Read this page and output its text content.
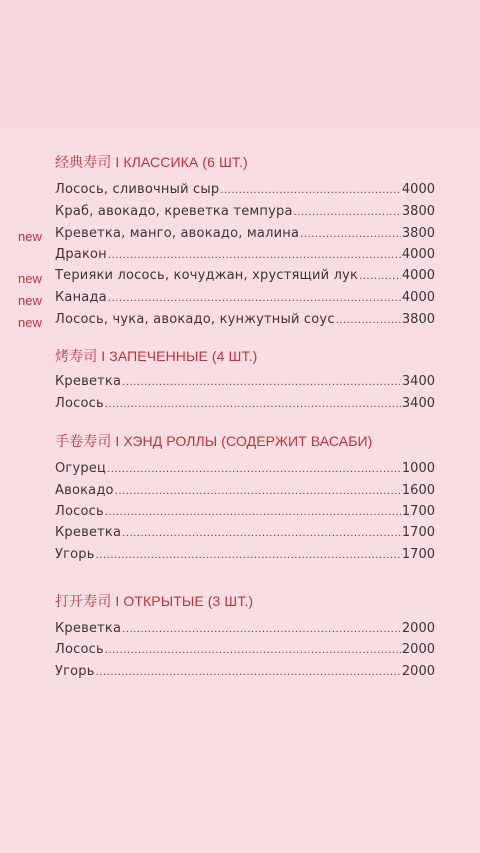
经典寿司 I КЛАССИКА (6 ШТ.)
Лосось, сливочный сыр .....	4000
Краб, авокадо, креветка темпура .....	3800
new Креветка, манго, авокадо, малина .....	3800
Дракон .....	4000
new Терияки лосось, кочуджан, хрустящий лук .....	4000
new Канада .....	4000
new Лосось, чука, авокадо, кунжутный соус .....	3800
烤寿司 I ЗАПЕЧЕННЫЕ (4 ШТ.)
Креветка .....	3400
Лосось .....	3400
手卷寿司 I ХЭНД РОЛЛЫ (СОДЕРЖИТ ВАСАБИ)
Огурец .....	1000
Авокадо .....	1600
Лосось .....	1700
Креветка .....	1700
Угорь .....	1700
打开寿司 I ОТКРЫТЫЕ (3 ШТ.)
Креветка .....	2000
Лосось .....	2000
Угорь .....	2000
